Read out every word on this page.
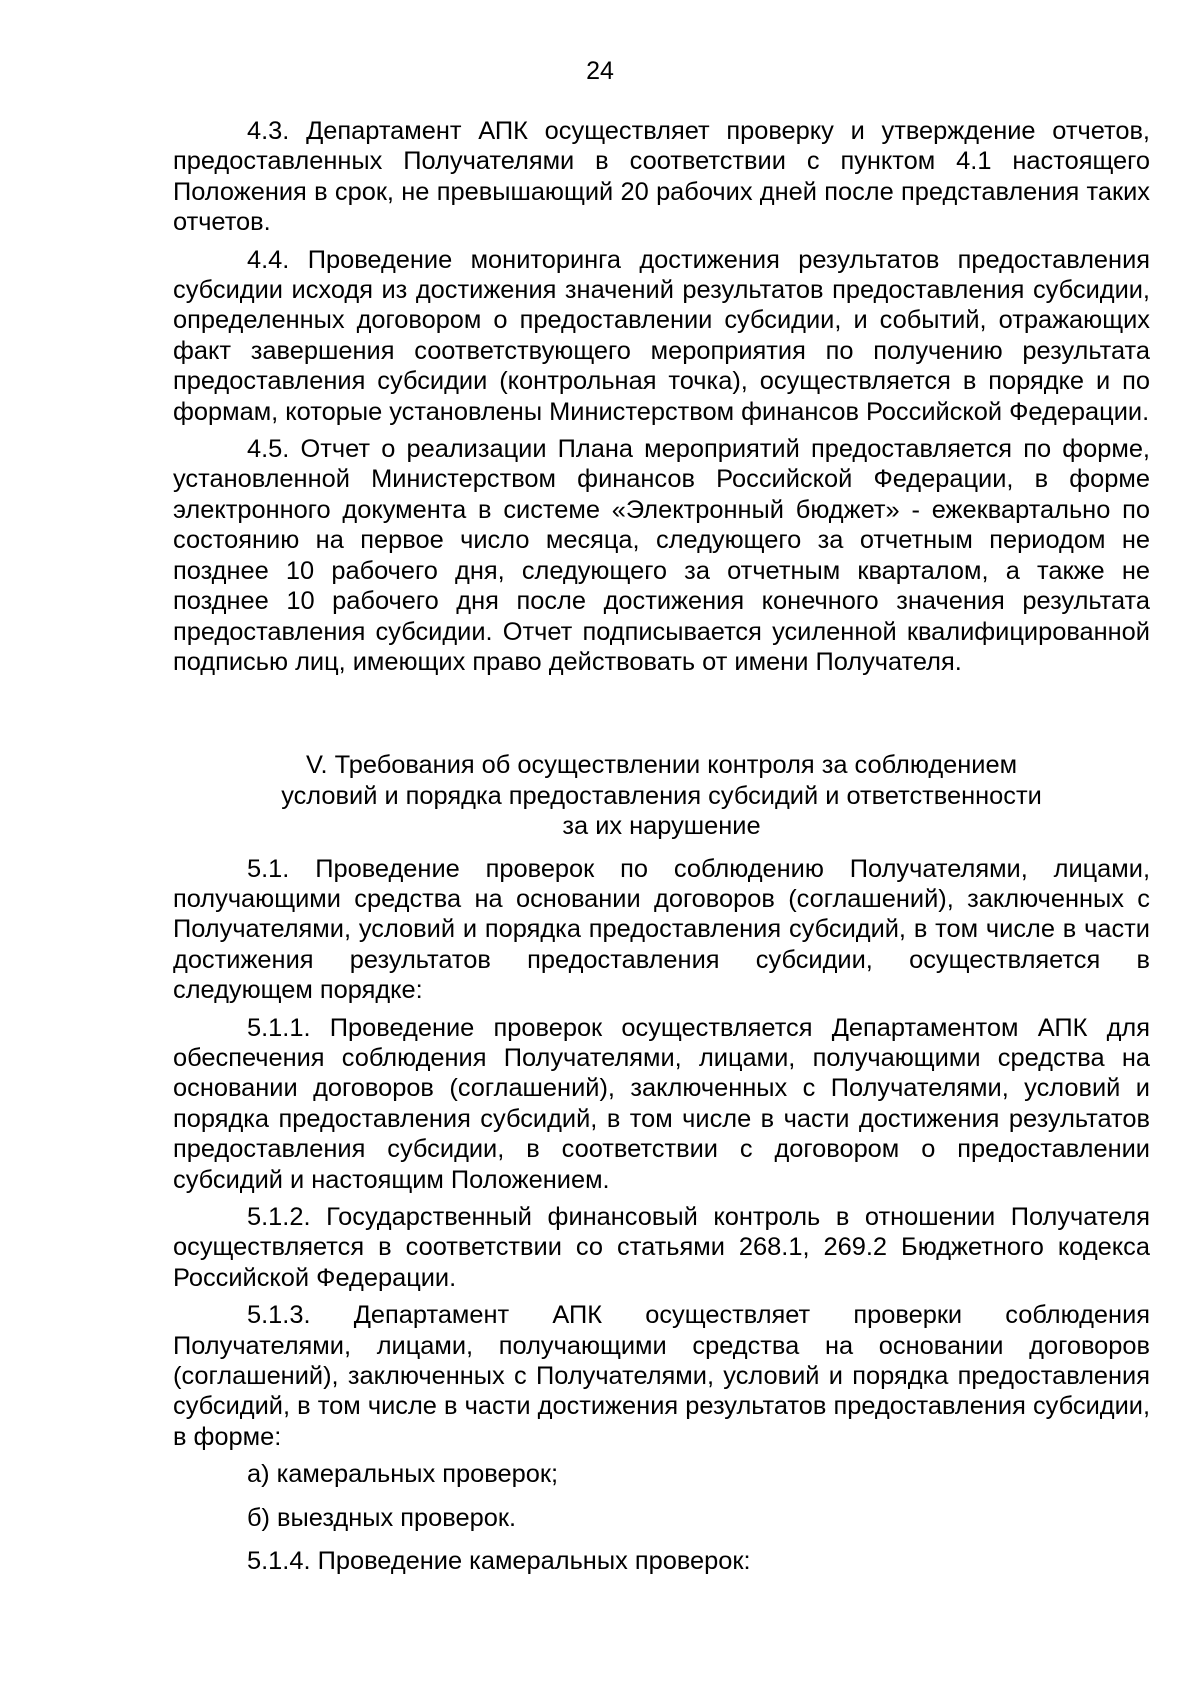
24

4.3. Департамент АПК осуществляет проверку и утверждение отчетов, предоставленных Получателями в соответствии с пунктом 4.1 настоящего Положения в срок, не превышающий 20 рабочих дней после представления таких отчетов.

4.4. Проведение мониторинга достижения результатов предоставления субсидии исходя из достижения значений результатов предоставления субсидии, определенных договором о предоставлении субсидии, и событий, отражающих факт завершения соответствующего мероприятия по получению результата предоставления субсидии (контрольная точка), осуществляется в порядке и по формам, которые установлены Министерством финансов Российской Федерации.

4.5. Отчет о реализации Плана мероприятий предоставляется по форме, установленной Министерством финансов Российской Федерации, в форме электронного документа в системе «Электронный бюджет» - ежеквартально по состоянию на первое число месяца, следующего за отчетным периодом не позднее 10 рабочего дня, следующего за отчетным кварталом, а также не позднее 10 рабочего дня после достижения конечного значения результата предоставления субсидии. Отчет подписывается усиленной квалифицированной подписью лиц, имеющих право действовать от имени Получателя.

V. Требования об осуществлении контроля за соблюдением
условий и порядка предоставления субсидий и ответственности
за их нарушение

5.1. Проведение проверок по соблюдению Получателями, лицами, получающими средства на основании договоров (соглашений), заключенных с Получателями, условий и порядка предоставления субсидий, в том числе в части достижения результатов предоставления субсидии, осуществляется в следующем порядке:

5.1.1. Проведение проверок осуществляется Департаментом АПК для обеспечения соблюдения Получателями, лицами, получающими средства на основании договоров (соглашений), заключенных с Получателями, условий и порядка предоставления субсидий, в том числе в части достижения результатов предоставления субсидии, в соответствии с договором о предоставлении субсидий и настоящим Положением.

5.1.2. Государственный финансовый контроль в отношении Получателя осуществляется в соответствии со статьями 268.1, 269.2 Бюджетного кодекса Российской Федерации.

5.1.3. Департамент АПК осуществляет проверки соблюдения Получателями, лицами, получающими средства на основании договоров (соглашений), заключенных с Получателями, условий и порядка предоставления субсидий, в том числе в части достижения результатов предоставления субсидии, в форме:

а) камеральных проверок;

б) выездных проверок.

5.1.4. Проведение камеральных проверок:
